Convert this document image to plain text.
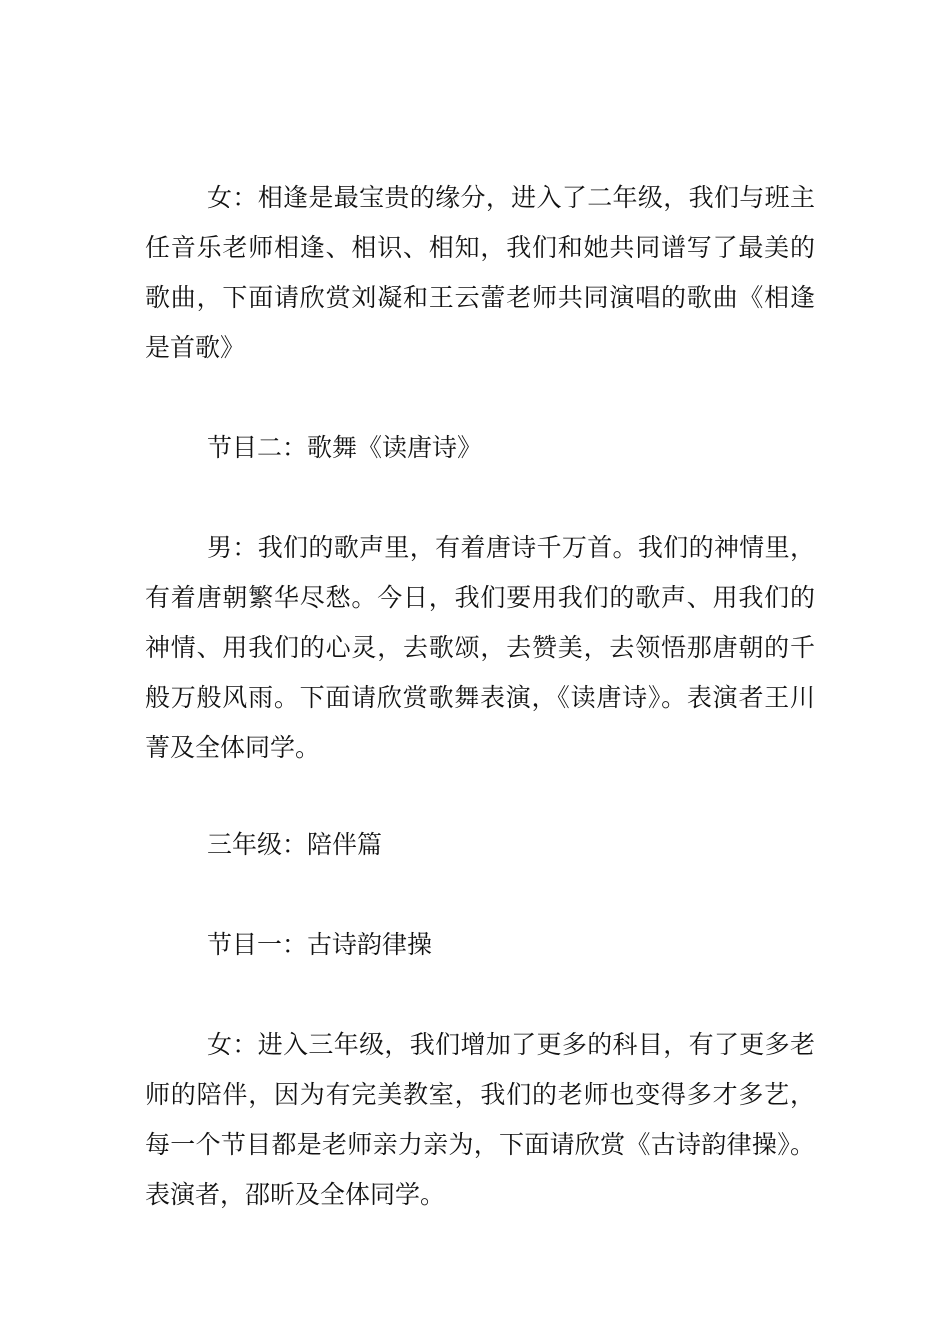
女：相逢是最宝贵的缘分，进入了二年级，我们与班主任音乐老师相逢、相识、相知，我们和她共同谱写了最美的歌曲，下面请欣赏刘凝和王云蕾老师共同演唱的歌曲《相逢是首歌》

节目二：歌舞《读唐诗》

男：我们的歌声里，有着唐诗千万首。我们的神情里，有着唐朝繁华尽愁。今日，我们要用我们的歌声、用我们的神情、用我们的心灵，去歌颂，去赞美，去领悟那唐朝的千般万般风雨。下面请欣赏歌舞表演，《读唐诗》。表演者王川菁及全体同学。

三年级：陪伴篇

节目一：古诗韵律操

女：进入三年级，我们增加了更多的科目，有了更多老师的陪伴，因为有完美教室，我们的老师也变得多才多艺，每一个节目都是老师亲力亲为，下面请欣赏《古诗韵律操》。表演者，邵昕及全体同学。
